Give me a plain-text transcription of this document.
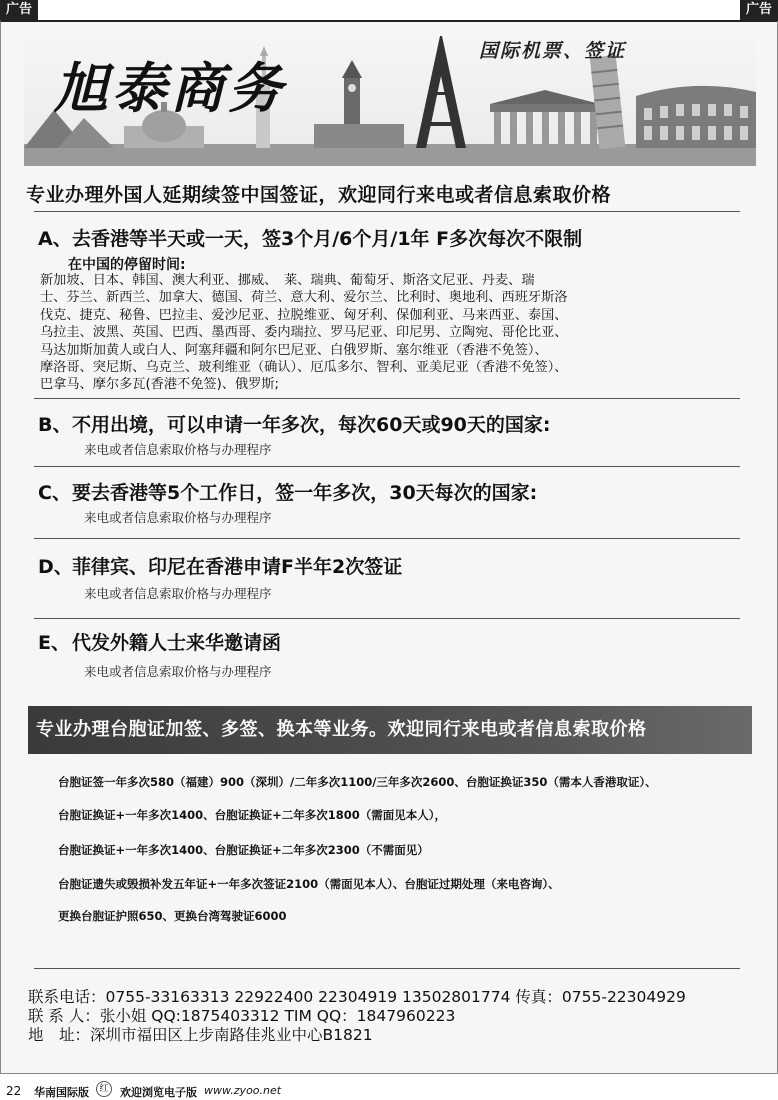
广告	广告
旭泰商务
国际机票、签证
专业办理外国人延期续签中国签证，欢迎同行来电或者信息索取价格
A、去香港等半天或一天，签3个月/6个月/1年 F多次每次不限制
在中国的停留时间:
新加坡、日本、韩国、澳大利亚、挪威、　莱、瑞典、葡萄牙、斯洛文尼亚、丹麦、瑞
士、芬兰、新西兰、加拿大、德国、荷兰、意大利、爱尔兰、比利时、奥地利、西班牙斯洛
伐克、捷克、秘鲁、巴拉圭、爱沙尼亚、拉脱维亚、匈牙利、保伽利亚、马来西亚、泰国、
乌拉圭、波黑、英国、巴西、墨西哥、委内瑞拉、罗马尼亚、印尼男、立陶宛、哥伦比亚、
马达加斯加黄人或白人、阿塞拜疆和阿尔巴尼亚、白俄罗斯、塞尔维亚（香港不免签）、
摩洛哥、突尼斯、乌克兰、玻利维亚（确认）、厄瓜多尔、智利、亚美尼亚（香港不免签）、
巴拿马、摩尔多瓦(香港不免签)、俄罗斯;
B、不用出境，可以申请一年多次，每次60天或90天的国家:
来电或者信息索取价格与办理程序
C、要去香港等5个工作日，签一年多次，30天每次的国家:
来电或者信息索取价格与办理程序
D、菲律宾、印尼在香港申请F半年2次签证
来电或者信息索取价格与办理程序
E、 代发外籍人士来华邀请函
来电或者信息索取价格与办理程序
专业办理台胞证加签、多签、换本等业务。欢迎同行来电或者信息索取价格
台胞证签一年多次580（福建）900（深圳）/二年多次1100/三年多次2600、台胞证换证350（需本人香港取证）、
台胞证换证+一年多次1400、台胞证换证+二年多次1800（需面见本人），
台胞证换证+一年多次1400、台胞证换证+二年多次2300（不需面见）
台胞证遗失或毁损补发五年证+一年多次签证2100（需面见本人）、台胞证过期处理（来电咨询）、
更换台胞证护照650、更换台湾驾驶证6000
联系电话：0755-33163313 22922400 22304919 13502801774 传真：0755-22304929
联 系 人：张小姐 QQ:1875403312 TIM QQ：1847960223
地　址：深圳市福田区上步南路佳兆业中心B1821
22 华南国际版	红	欢迎浏览电子版 www.zyoo.net
